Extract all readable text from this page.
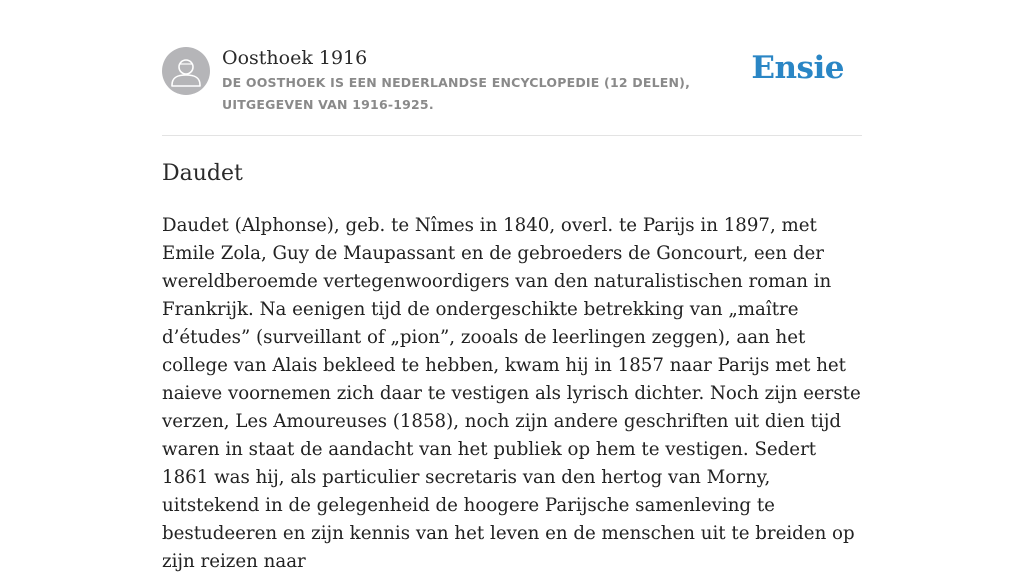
Oosthoek 1916
DE OOSTHOEK IS EEN NEDERLANDSE ENCYCLOPEDIE (12 DELEN), UITGEGEVEN VAN 1916-1925.
Ensie
Daudet

Daudet (Alphonse), geb. te Nîmes in 1840, overl. te Parijs in 1897, met Emile Zola, Guy de Maupassant en de gebroeders de Goncourt, een der wereldberoemde vertegenwoordigers van den naturalistischen roman in Frankrijk. Na eenigen tijd de ondergeschikte betrekking van „maître d’études” (surveillant of „pion”, zooals de leerlingen zeggen), aan het college van Alais bekleed te hebben, kwam hij in 1857 naar Parijs met het naieve voornemen zich daar te vestigen als lyrisch dichter. Noch zijn eerste verzen, Les Amoureuses (1858), noch zijn andere geschriften uit dien tijd waren in staat de aandacht van het publiek op hem te vestigen. Sedert 1861 was hij, als particulier secretaris van den hertog van Morny, uitstekend in de gelegenheid de hoogere Parijsche samenleving te bestudeeren en zijn kennis van het leven en de menschen uit te breiden op zijn reizen naar
